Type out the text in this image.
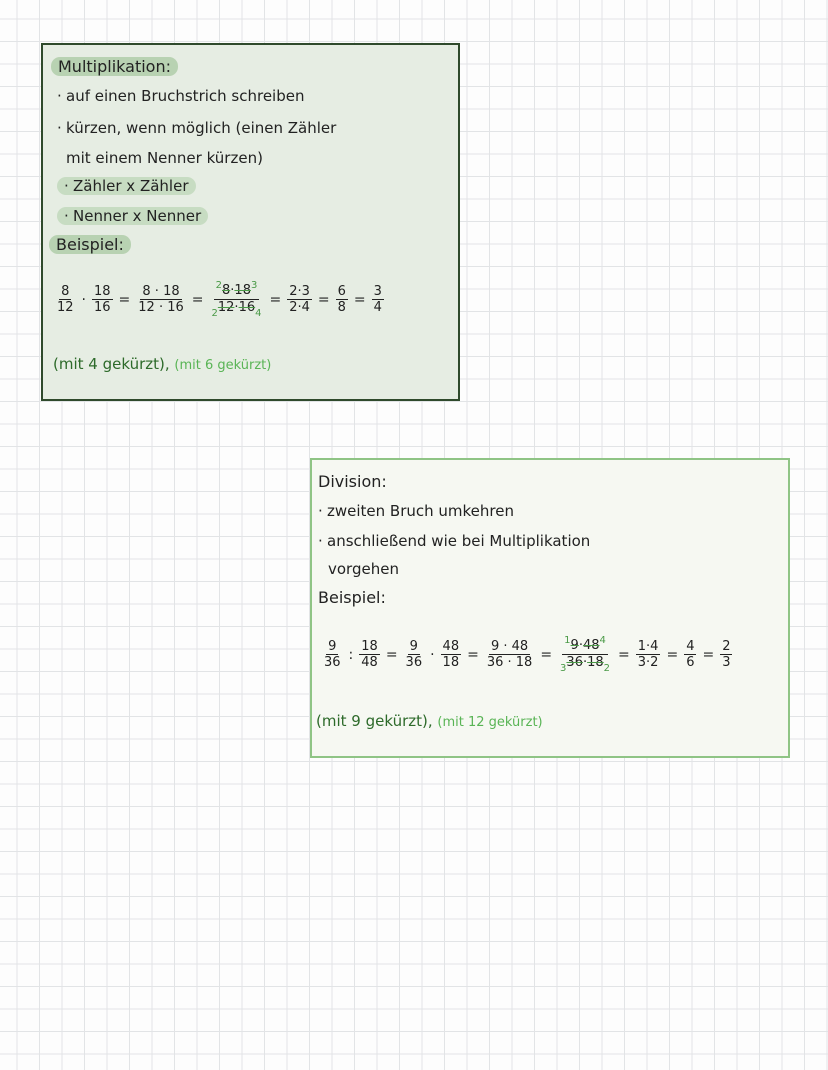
Multiplikation:
· auf einen Bruchstrich schreiben
· kürzen, wenn möglich (einen Zähler
mit einem Nenner kürzen)
· Zähler x Zähler
· Nenner x Nenner
Beispiel:
$\frac{8}{12} \cdot \frac{18}{16} = \frac{8 \cdot 18}{12 \cdot 16} = \frac{^28\cdot 18^3}{_212\cdot 16_4} = \frac{2\cdot 3}{2\cdot 4} = \frac{6}{8} = \frac{3}{4}$
(mit 4 gekürzt), (mit 6 gekürzt)
Division:
· zweiten Bruch umkehren
· anschließend wie bei Multiplikation
vorgehen
Beispiel:
$\frac{9}{36}$ : $\frac{18}{48} = \frac{9}{36} \cdot \frac{48}{18} = \frac{9 \cdot 48}{36 \cdot 18} = \frac{^19\cdot 48^4}{_336\cdot 18_2} = \frac{1\cdot 4}{3\cdot 2} = \frac{4}{6} = \frac{2}{3}$
(mit 9 gekürzt), (mit 12 gekürzt)
